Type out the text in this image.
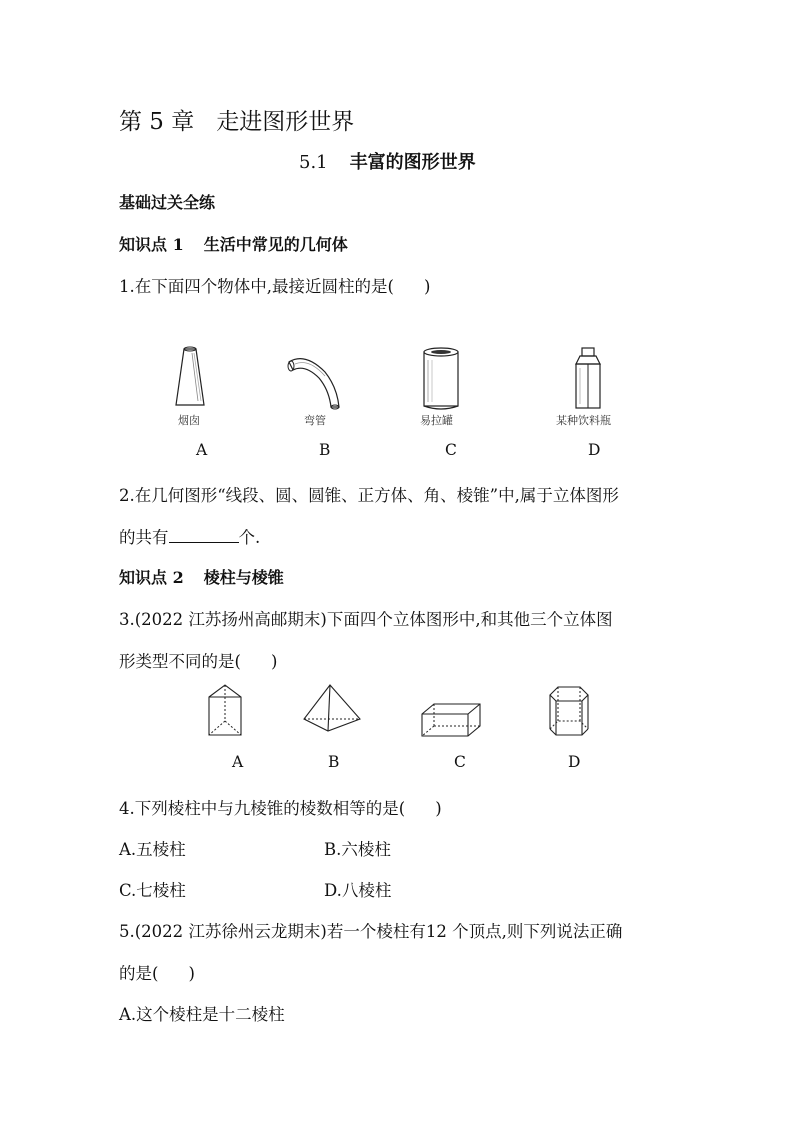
第 5 章 走进图形世界
5.1 丰富的图形世界
基础过关全练
知识点 1 生活中常见的几何体
1.在下面四个物体中,最接近圆柱的是( )
烟囱	弯管	易拉罐	某种饮料瓶
A	B	C	D
2.在几何图形“线段、圆、圆锥、正方体、角、棱锥”中,属于立体图形
的共有	个.
知识点 2 棱柱与棱锥
3.(2022 江苏扬州高邮期末)下面四个立体图形中,和其他三个立体图
形类型不同的是( )
A	B	C	D
4.下列棱柱中与九棱锥的棱数相等的是( )
A.五棱柱	B.六棱柱
C.七棱柱	D.八棱柱
5.(2022 江苏徐州云龙期末)若一个棱柱有12 个顶点,则下列说法正确
的是( )
A.这个棱柱是十二棱柱
